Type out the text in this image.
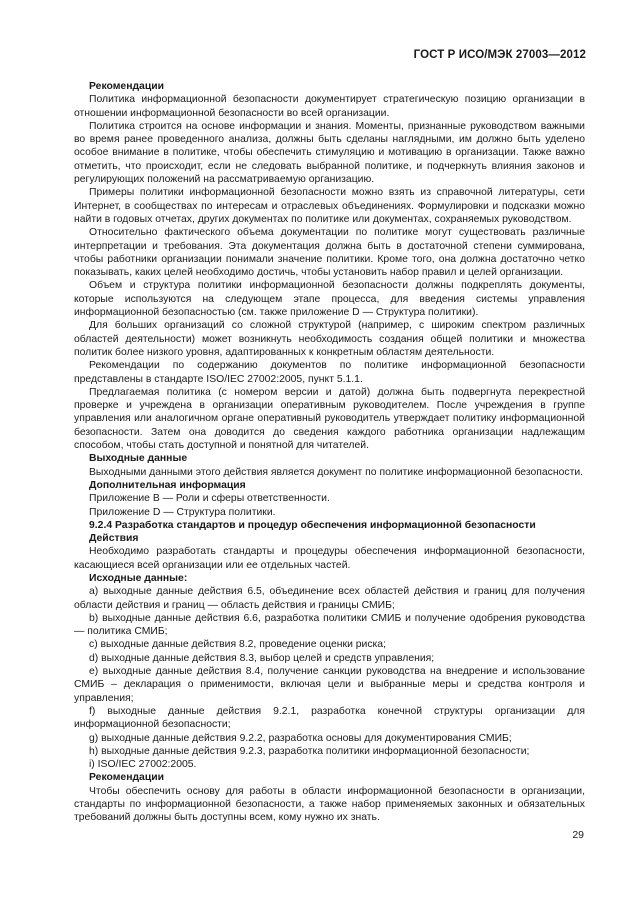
ГОСТ Р ИСО/МЭК 27003—2012

Рекомендации

Политика информационной безопасности документирует стратегическую позицию организации в отношении информационной безопасности во всей организации.

Политика строится на основе информации и знания. Моменты, признанные руководством важными во время ранее проведенного анализа, должны быть сделаны наглядными, им должно быть уделено особое внимание в политике, чтобы обеспечить стимуляцию и мотивацию в организации. Также важно отметить, что происходит, если не следовать выбранной политике, и подчеркнуть влияния законов и регулирующих положений на рассматриваемую организацию.

Примеры политики информационной безопасности можно взять из справочной литературы, сети Интернет, в сообществах по интересам и отраслевых объединениях. Формулировки и подсказки можно найти в годовых отчетах, других документах по политике или документах, сохраняемых руководством.

Относительно фактического объема документации по политике могут существовать различные интерпретации и требования. Эта документация должна быть в достаточной степени суммирована, чтобы работники организации понимали значение политики. Кроме того, она должна достаточно четко показывать, каких целей необходимо достичь, чтобы установить набор правил и целей организации.

Объем и структура политики информационной безопасности должны подкреплять документы, которые используются на следующем этапе процесса, для введения системы управления информационной безопасностью (см. также приложение D — Структура политики).

Для больших организаций со сложной структурой (например, с широким спектром различных областей деятельности) может возникнуть необходимость создания общей политики и множества политик более низкого уровня, адаптированных к конкретным областям деятельности.

Рекомендации по содержанию документов по политике информационной безопасности представлены в стандарте ISO/IEC 27002:2005, пункт 5.1.1.

Предлагаемая политика (с номером версии и датой) должна быть подвергнута перекрестной проверке и учреждена в организации оперативным руководителем. После учреждения в группе управления или аналогичном органе оперативный руководитель утверждает политику информационной безопасности. Затем она доводится до сведения каждого работника организации надлежащим способом, чтобы стать доступной и понятной для читателей.

Выходные данные

Выходными данными этого действия является документ по политике информационной безопасности.

Дополнительная информация

Приложение В — Роли и сферы ответственности.

Приложение D — Структура политики.

9.2.4 Разработка стандартов и процедур обеспечения информационной безопасности

Действия

Необходимо разработать стандарты и процедуры обеспечения информационной безопасности, касающиеся всей организации или ее отдельных частей.

Исходные данные:

а) выходные данные действия 6.5, объединение всех областей действия и границ для получения области действия и границ — область действия и границы СМИБ;

b) выходные данные действия 6.6, разработка политики СМИБ и получение одобрения руководства — политика СМИБ;

c) выходные данные действия 8.2, проведение оценки риска;

d) выходные данные действия 8.3, выбор целей и средств управления;

e) выходные данные действия 8.4, получение санкции руководства на внедрение и использование СМИБ – декларация о применимости, включая цели и выбранные меры и средства контроля и управления;

f) выходные данные действия 9.2.1, разработка конечной структуры организации для информационной безопасности;

g) выходные данные действия 9.2.2, разработка основы для документирования СМИБ;

h) выходные данные действия 9.2.3, разработка политики информационной безопасности;

i) ISO/IEC 27002:2005.

Рекомендации

Чтобы обеспечить основу для работы в области информационной безопасности в организации, стандарты по информационной безопасности, а также набор применяемых законных и обязательных требований должны быть доступны всем, кому нужно их знать.

29
